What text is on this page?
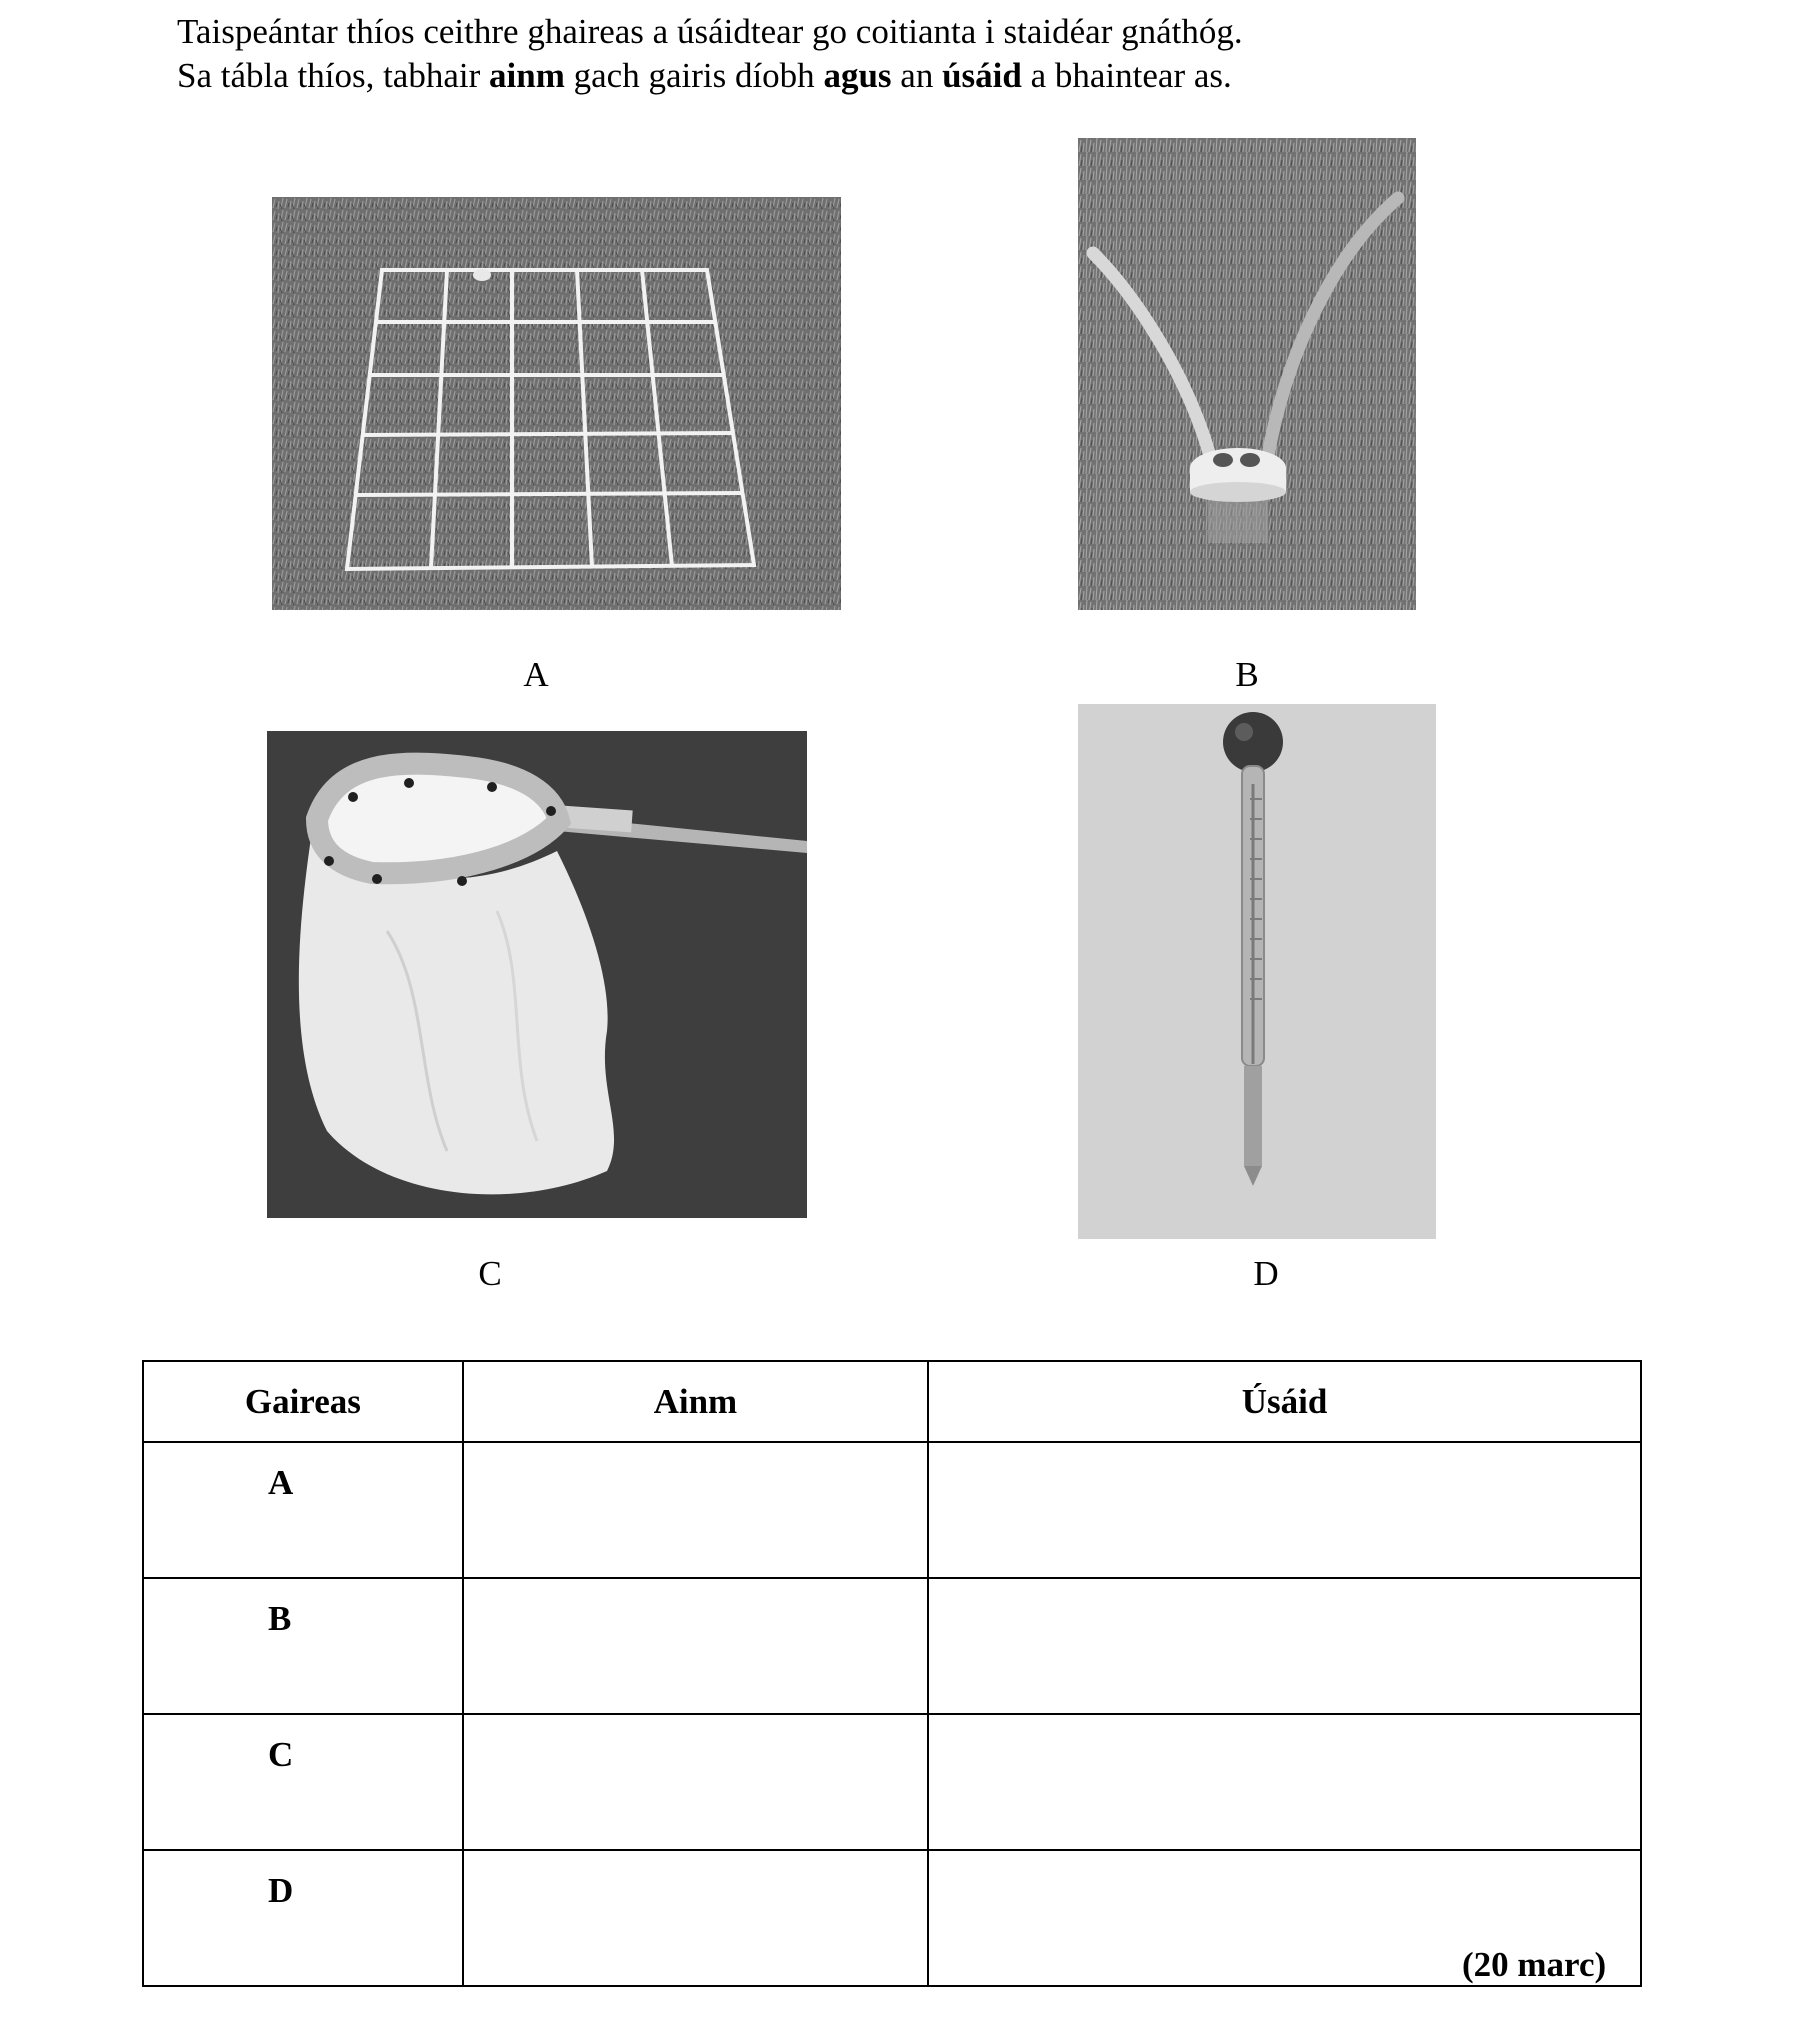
Taispeántar thíos ceithre ghaireas a úsáidtear go coitianta i staidéar gnáthóg.
Sa tábla thíos, tabhair ainm gach gairis díobh agus an úsáid a bhaintear as.
A	B
C	D
Gaireas	Ainm	Úsáid

A		

B		

C		

D		

(20 marc)
